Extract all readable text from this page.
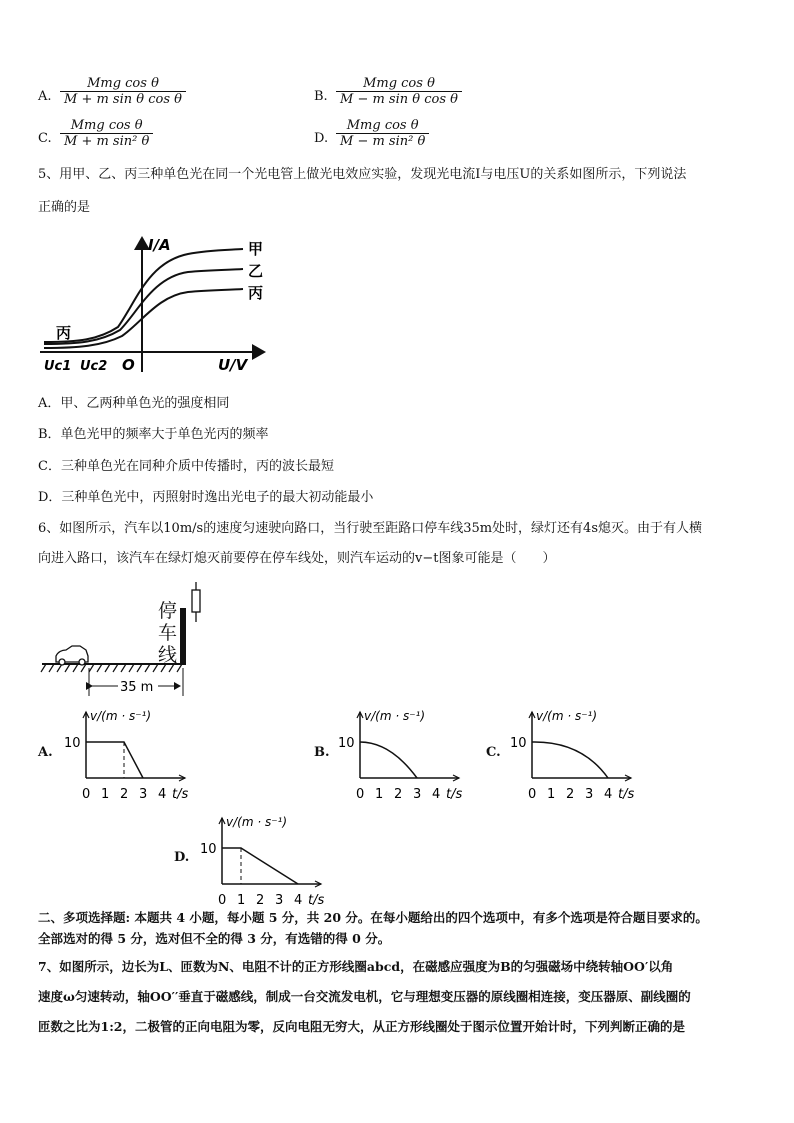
A.
Mmg cos θ
M + m sin θ cos θ	B.
Mmg cos θ
M − m sin θ cos θ
C.
Mmg cos θ
M + m sin² θ	D.
Mmg cos θ
M − m sin² θ
5、用甲、乙、丙三种单色光在同一个光电管上做光电效应实验，发现光电流I与电压U的关系如图所示，下列说法
正确的是
I/A
U/V
O
Uc1 Uc2
甲
乙
丙
丙
A．甲、乙两种单色光的强度相同
B．单色光甲的频率大于单色光丙的频率
C．三种单色光在同种介质中传播时，丙的波长最短
D．三种单色光中，丙照射时逸出光电子的最大初动能最小
6、如图所示，汽车以10m/s的速度匀速驶向路口，当行驶至距路口停车线35m处时，绿灯还有4s熄灭。由于有人横
向进入路口，该汽车在绿灯熄灭前要停在停车线处，则汽车运动的v−t图象可能是（　　）
35 m
停车线
A.	B.	C.
D.
v/(m · s⁻¹)
t/s
10
0 1 2 3 4
v/(m · s⁻¹)
t/s
10
0 1 2 3 4
v/(m · s⁻¹)
t/s
10
0 1 2 3 4
v/(m · s⁻¹)
t/s
10
0 1 2 3 4
二、多项选择题: 本题共 4 小题，每小题 5 分，共 20 分。在每小题给出的四个选项中，有多个选项是符合题目要求的。
全部选对的得 5 分，选对但不全的得 3 分，有选错的得 0 分。
7、如图所示，边长为L、匝数为N、电阻不计的正方形线圈abcd，在磁感应强度为B的匀强磁场中绕转轴OO′以角
速度ω匀速转动，轴OO′′垂直于磁感线，制成一台交流发电机，它与理想变压器的原线圈相连接，变压器原、副线圈的
匝数之比为1:2，二极管的正向电阻为零，反向电阻无穷大，从正方形线圈处于图示位置开始计时，下列判断正确的是
